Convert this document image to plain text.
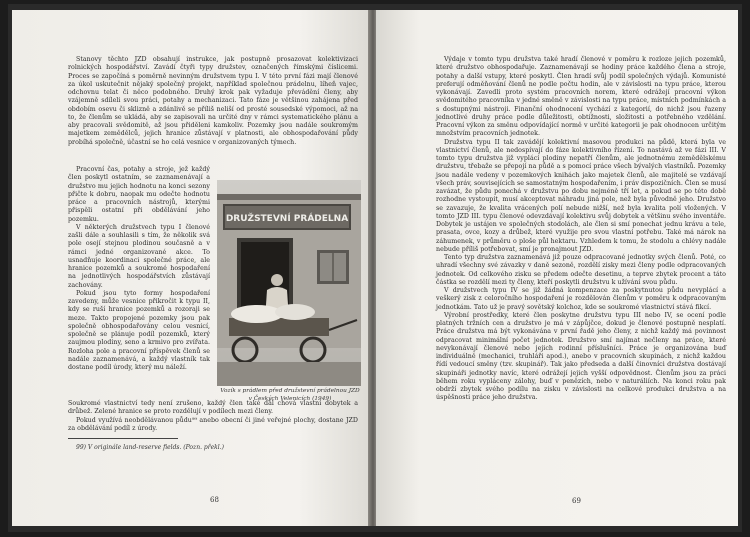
Stanovy těchto JZD obsahují instrukce, jak postupně prosazovat kolektivizaci rolnických hospodářství. Zavádí čtyři typy družstev, označených římskými číslicemi. Proces se započíná s poměrně nevinným družstvem typu I. V této první fázi mají členové za úkol uskutečnit nějaký společný projekt, například společnou prádelnu, líheň vajec, odchovnu telat či něco podobného. Druhý krok pak vyžaduje převádění členy, aby vzájemně sdíleli svou práci, potahy a mechanizaci. Tato fáze je většinou zahájena před obdobím osevu či sklizně a zdánlivě se příliš neliší od prosté sousedské výpomoci, až na to, že členům se ukládá, aby se zapisovali na určité dny v rámci systematického plánu a aby pracovali svědomitě, až jsou přiděleni kamkoliv. Pozemky jsou nadále soukromým majetkem zemědělců, jejich hranice zůstávají v platnosti, ale obhospodařování půdy probíhá společně, účastní se ho celá vesnice v organizovaných týmech.

Pracovní čas, potahy a stroje, jež každý člen poskytl ostatním, se zaznamenávají a družstvo mu jejich hodnotu na konci sezony přičte k dobru, naopak mu odečte hodnotu práce a pracovních nástrojů, kterými přispěli ostatní při obdělávání jeho pozemku.

V některých družstvech typu I členové zašli dále a souhlasili s tím, že několik svá pole osejí stejnou plodinou současně a v rámci jedné organizované akce. To usnadňuje koordinaci společné práce, ale hranice pozemků a soukromé hospodaření na jednotlivých hospodářstvích zůstávají zachovány.

Pokud jsou tyto formy hospodaření zavedeny, může vesnice přikročit k typu II, kdy se ruší hranice pozemků a rozoraji se meze. Takto propojené pozemky jsou pak společně obhospodařovány celou vesnicí, společně se plánuje podíl pozemků, který zaujmou plodiny, seno a krmivo pro zvířata. Rozloha pole a pracovní příspěvek členů se nadále zaznamenává, a každý vlastník tak dostane podíl úrody, který mu náleží.

DRUŽSTEVNÍ PRÁDELNA
Vozík s prádlem před družstevní prádelnou JZD
v Českých Velenicích (1949)

Soukromé vlastnictví tedy není zrušeno, každý člen také dál chová vlastní dobytek a drůbež. Zelené hranice se proto rozdělují v podílech mezi členy.

Pokud využívá neobdělávanou půdu⁹⁹ anebo obecní či jiné veřejné plochy, dostane JZD za obdělávání podíl z úrody.

99) V originále land-reserve fields. (Pozn. překl.)
68

Výdaje v tomto typu družstva také hradí členové v poměru k rozloze jejich pozemků, které družstvo obhospodařuje. Zaznamenávají se hodiny práce každého člena a stroje, potahy a další vstupy, které poskytl. Člen hradí svůj podíl společných výdajů. Komunisté preferují odměňování členů ne podle počtu hodin, ale v závislosti na typu práce, kterou vykonávají. Zavedli proto systém pracovních norem, které odrážejí pracovní výkon svědomitého pracovníka v jedné směně v závislosti na typu práce, místních podmínkách a s dostupnými nástroji. Finanční ohodnocení vychází z kategorií, do nichž jsou řazeny jednotlivé druhy práce podle důležitosti, obtížnosti, složitosti a potřebného vzdělání. Pracovní výkon za směnu odpovídající normě v určité kategorii je pak ohodnocen určitým množstvím pracovních jednotek.

Družstva typu II tak zavádějí kolektivní masovou produkci na půdě, která byla ve vlastnictví členů, ale nedospívají do fáze kolektivního řízení. To nastává až ve fázi III. V tomto typu družstva již vyplácí plodiny nepatří členům, ale jednotnému zemědělskému družstvu, třebaže se přepojí na půdě a s pomocí práce všech bývalých vlastníků. Pozemky jsou nadále vedeny v pozemkových knihách jako majetek členů, ale majitelé se vzdávají všech práv, souvisejících se samostatným hospodařením, i práv dispozičních. Člen se musí zavázat, že půdu ponechá v družstvu po dobu nejméně tří let, a pokud se po této době rozhodne vystoupit, musí akceptovat náhradu jiná pole, než byla původně jeho. Družstvo se zavazuje, že kvalita vrácených polí nebude nižší, než byla kvalita polí vložených. V tomto JZD III. typu členové odevzdávají kolektivu svůj dobytek a většinu svého inventáře. Dobytek je ustájen ve společných stodolách, ale člen si smí ponechat jednu krávu a tele, prasata, ovce, kozy a drůbež, které využije pro svou vlastní potřebu. Také má nárok na záhumenek, v průměru o ploše půl hektaru. Vzhledem k tomu, že stodolu a chlévy nadále nebude příliš potřebovat, smí je pronajmout JZD.

Tento typ družstva zaznamenává již pouze odpracované jednotky svých členů. Poté, co uhradí všechny své závazky v daně sezoně, rozdělí zisky mezi členy podle odpracovaných jednotek. Od celkového zisku se předem odečte desetinu, a teprve zbytek procent a táto částka se rozdělí mezi ty členy, kteří poskytli družstvu k užívání svou půdu.

V družstvech typu IV se již žádná kompenzace za poskytnutou půdu nevyplácí a veškerý zisk z celoročního hospodaření je rozdělován členům v poměru k odpracovaným jednotkám. Tato už je pravý sovětský kolchoz, kde se soukromé vlastnictví stává fikcí.

Výrobní prostředky, které člen poskytne družstvu typu III nebo IV, se ocení podle platných tržních cen a družstvo je má v zápůjčce, dokud je členové postupně nesplatí. Práce družstva má být vykonávána v první řadě jeho členy, z nichž každý má povinnost odpracovat minimální počet jednotek. Družstvo smí najímat nečleny na práce, které nevykonávají členové nebo jejich rodinní příslušníci. Práce je organizována buď individuálně (mechanici, truhláři apod.), anebo v pracovních skupinách, z nichž každou řídí vedoucí směny (tzv. skupinář). Tak jako předseda a další činovníci družstva dostávají skupináři jednotky navíc, které odrážejí jejich vyšší odpovědnost. Členům jsou za práci během roku vypláceny zálohy, buď v penězích, nebo v naturáliích. Na konci roku pak obdrží zbytek svého podílu na zisku v závislosti na celkové produkci družstva a na úspěšnosti práce jeho družstva.

69
